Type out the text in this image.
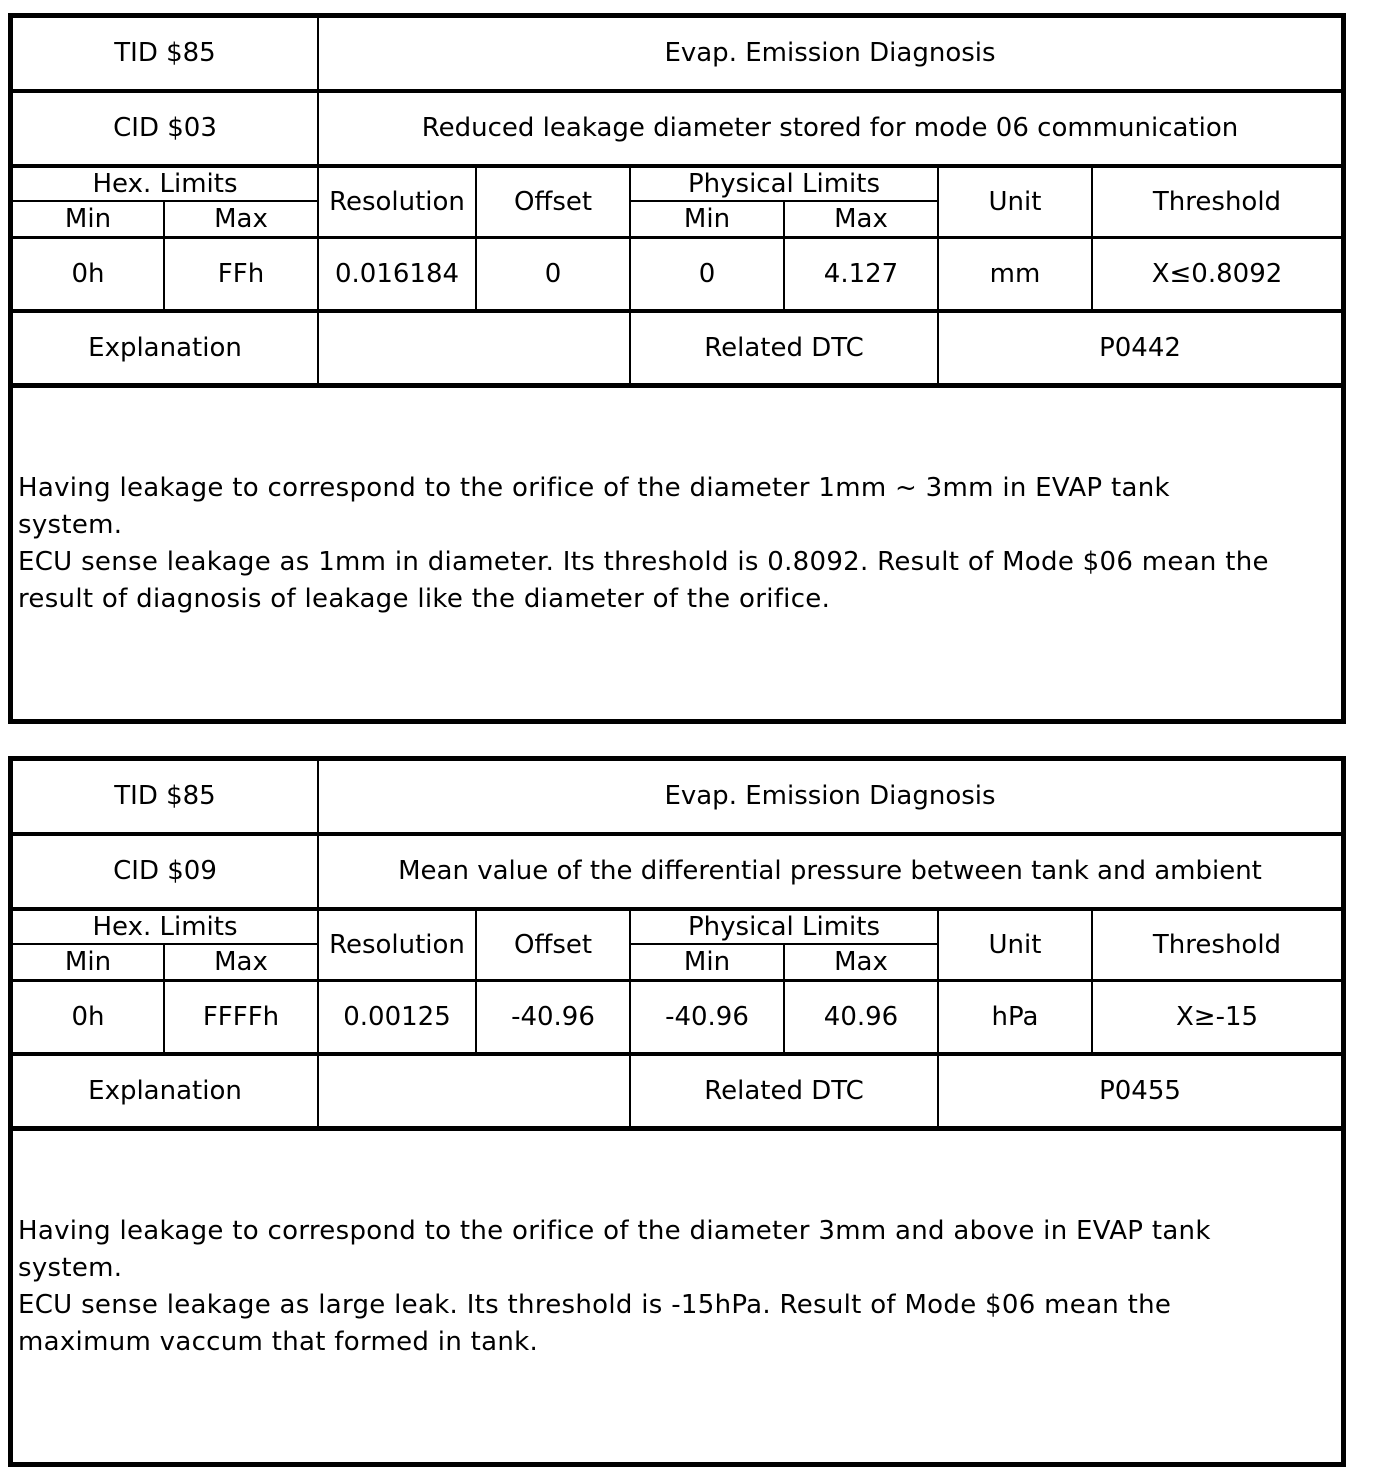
TID $85		Evap. Emission Diagnosis					
CID $03		Reduced leakage diameter stored for mode 06 communication					
Hex. Limits		Resolution	Offset	Physical Limits		Unit	Threshold
Min	Max			Min	Max		
0h	FFh	0.016184	0	0	4.127	mm	X≤0.8092
Explanation				Related DTC		P0442	

Having leakage to correspond to the orifice of the diameter 1mm ~ 3mm in EVAP tank

system.

ECU sense leakage as 1mm in diameter. Its threshold is 0.8092. Result of Mode $06 mean the

result of diagnosis of leakage like the diameter of the orifice.

TID $85		Evap. Emission Diagnosis					
CID $09		Mean value of the differential pressure between tank and ambient					
Hex. Limits		Resolution	Offset	Physical Limits		Unit	Threshold
Min	Max			Min	Max		
0h	FFFFh	0.00125	-40.96	-40.96	40.96	hPa	X≥-15
Explanation				Related DTC		P0455	

Having leakage to correspond to the orifice of the diameter 3mm and above in EVAP tank

system.

ECU sense leakage as large leak. Its threshold is -15hPa. Result of Mode $06 mean the

maximum vaccum that formed in tank.
